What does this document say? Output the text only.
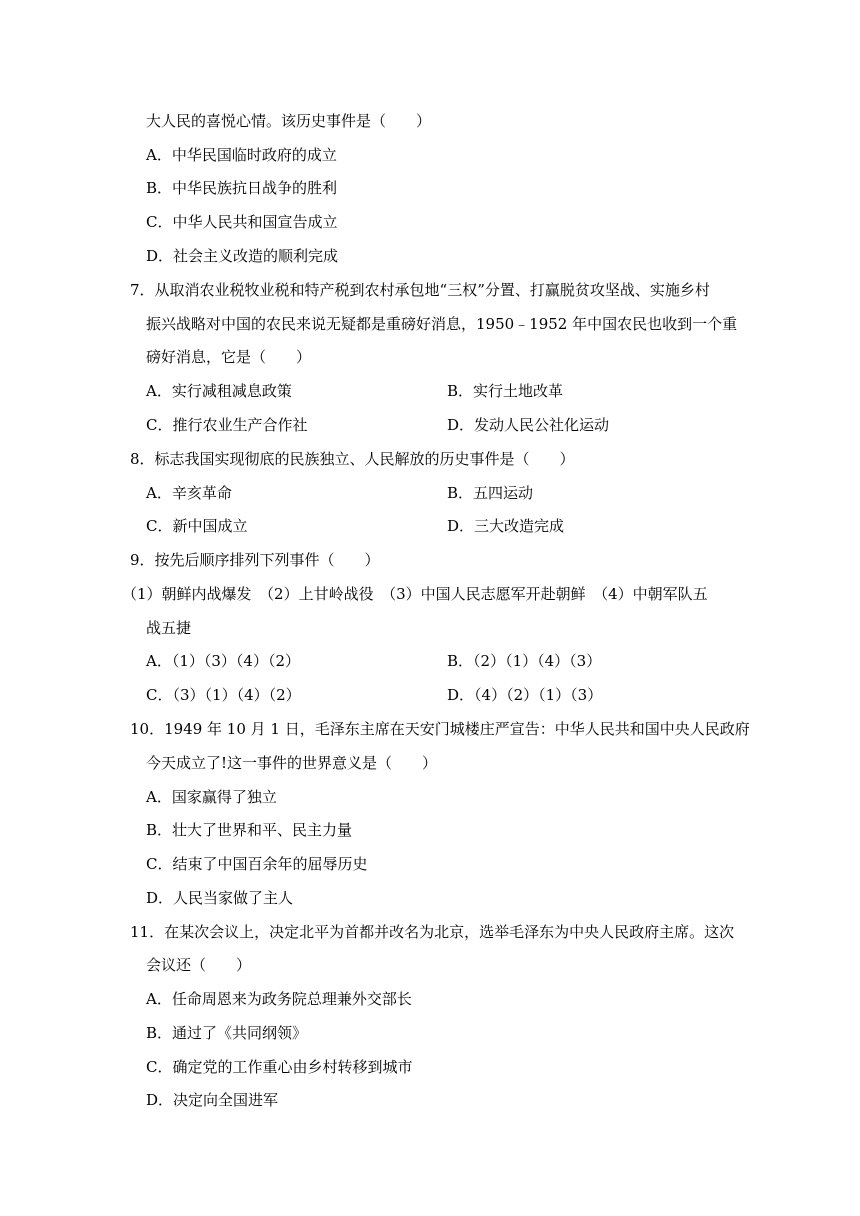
大人民的喜悦心情。该历史事件是（　　）
A．中华民国临时政府的成立
B．中华民族抗日战争的胜利
C．中华人民共和国宣告成立
D．社会主义改造的顺利完成
7．从取消农业税牧业税和特产税到农村承包地“三权”分置、打赢脱贫攻坚战、实施乡村
振兴战略对中国的农民来说无疑都是重磅好消息，1950﹣1952 年中国农民也收到一个重
磅好消息，它是（　　）
A．实行减租减息政策	B．实行土地改革
C．推行农业生产合作社	D．发动人民公社化运动
8．标志我国实现彻底的民族独立、人民解放的历史事件是（　　）
A．辛亥革命	B．五四运动
C．新中国成立	D．三大改造完成
9．按先后顺序排列下列事件（　　）
（1）朝鲜内战爆发　（2）上甘岭战役　（3）中国人民志愿军开赴朝鲜　（4）中朝军队五
战五捷
A．（1）（3）（4）（2）	B．（2）（1）（4）（3）
C．（3）（1）（4）（2）	D．（4）（2）（1）（3）
10．1949 年 10 月 1 日，毛泽东主席在天安门城楼庄严宣告：中华人民共和国中央人民政府
今天成立了!这一事件的世界意义是（　　）
A．国家赢得了独立
B．壮大了世界和平、民主力量
C．结束了中国百余年的屈辱历史
D．人民当家做了主人
11．在某次会议上，决定北平为首都并改名为北京，选举毛泽东为中央人民政府主席。这次
会议还（　　）
A．任命周恩来为政务院总理兼外交部长
B．通过了《共同纲领》
C．确定党的工作重心由乡村转移到城市
D．决定向全国进军
